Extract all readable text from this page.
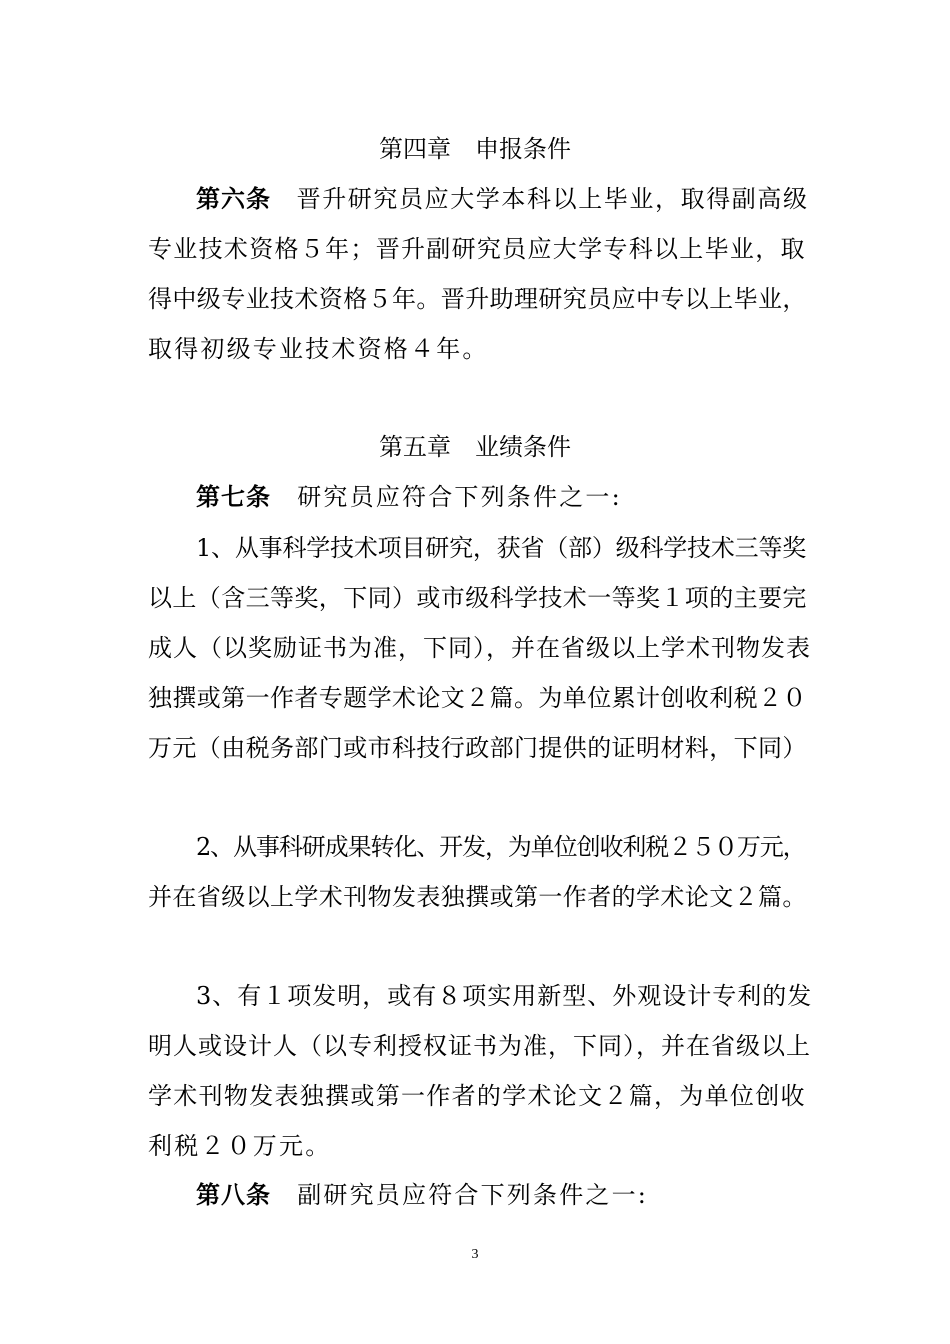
第四章　申报条件
第六条　晋升研究员应大学本科以上毕业，取得副高级
专业技术资格５年；晋升副研究员应大学专科以上毕业，取
得中级专业技术资格５年。晋升助理研究员应中专以上毕业，
取得初级专业技术资格４年。
第五章　业绩条件
第七条　研究员应符合下列条件之一:
1、从事科学技术项目研究，获省（部）级科学技术三等奖
以上（含三等奖，下同）或市级科学技术一等奖１项的主要完
成人（以奖励证书为准，下同），并在省级以上学术刊物发表
独撰或第一作者专题学术论文２篇。为单位累计创收利税２０
万元（由税务部门或市科技行政部门提供的证明材料，下同）
2、从事科研成果转化、开发，为单位创收利税２５０万元，
并在省级以上学术刊物发表独撰或第一作者的学术论文２篇。
3、有１项发明，或有８项实用新型、外观设计专利的发
明人或设计人（以专利授权证书为准，下同），并在省级以上
学术刊物发表独撰或第一作者的学术论文２篇，为单位创收
利税２０万元。
第八条　副研究员应符合下列条件之一:
3
